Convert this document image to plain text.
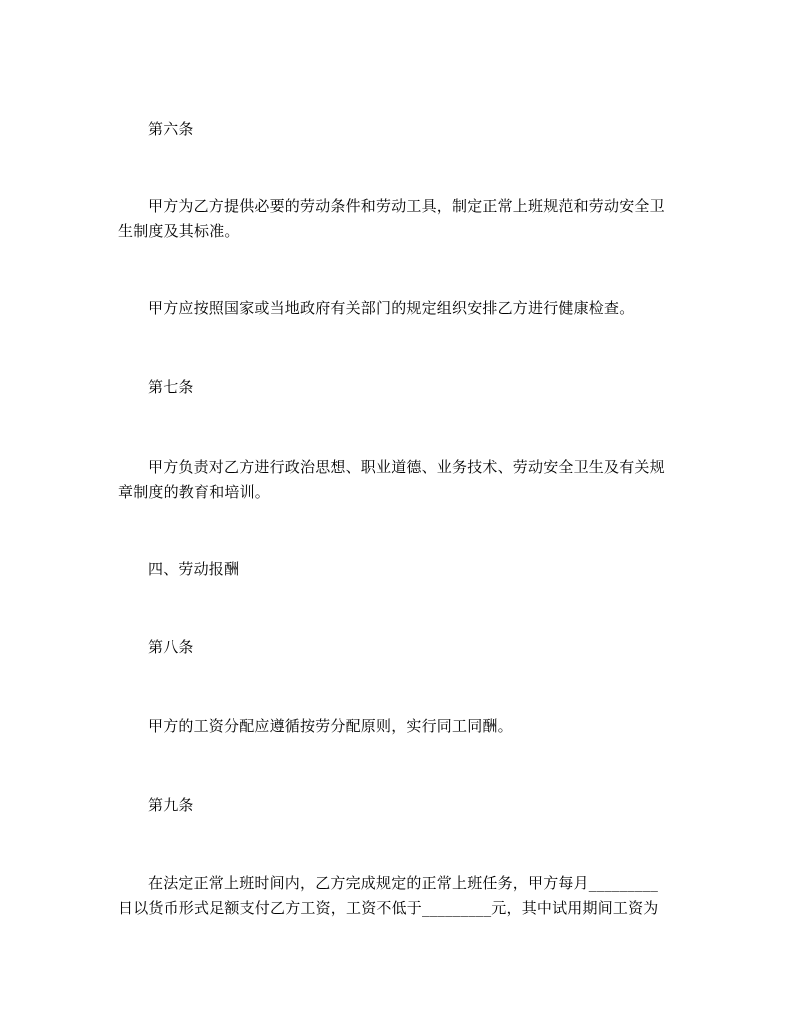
第六条
甲方为乙方提供必要的劳动条件和劳动工具，制定正常上班规范和劳动安全卫
生制度及其标准。
甲方应按照国家或当地政府有关部门的规定组织安排乙方进行健康检查。
第七条
甲方负责对乙方进行政治思想、职业道德、业务技术、劳动安全卫生及有关规
章制度的教育和培训。
四、劳动报酬
第八条
甲方的工资分配应遵循按劳分配原则，实行同工同酬。
第九条
在法定正常上班时间内，乙方完成规定的正常上班任务，甲方每月_________
日以货币形式足额支付乙方工资，工资不低于_________元，其中试用期间工资为
